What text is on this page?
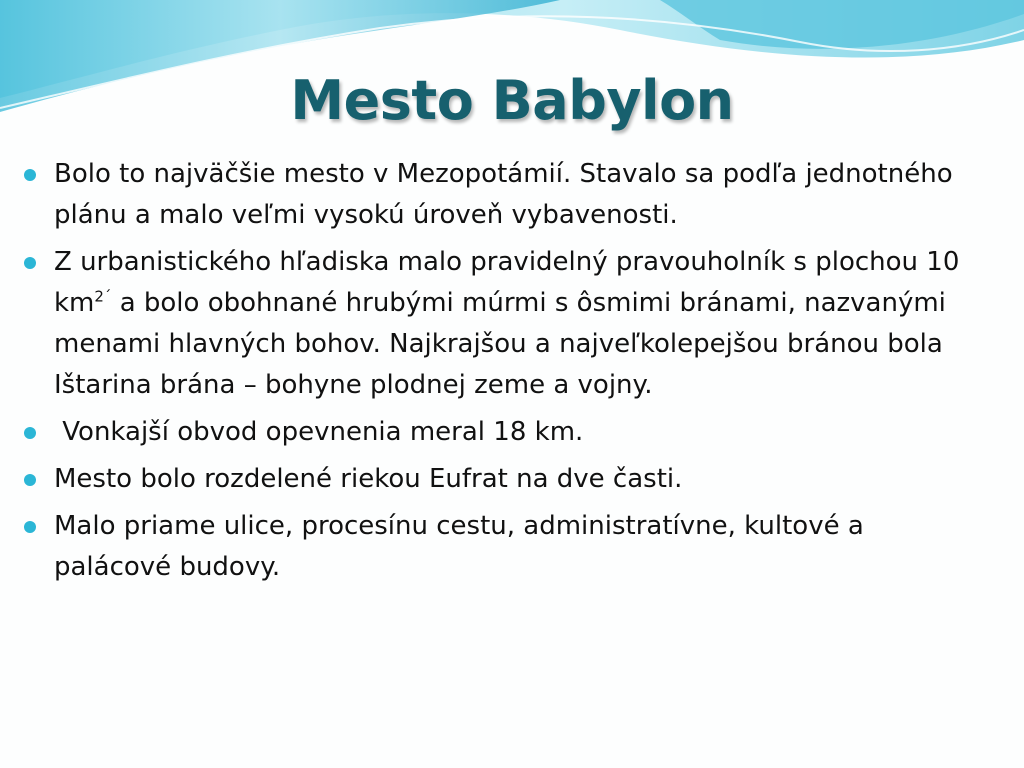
Mesto Babylon
Bolo to najväčšie mesto v Mezopotámií. Stavalo sa podľa jednotného plánu a malo veľmi vysokú úroveň vybavenosti.
Z urbanistického hľadiska malo pravidelný pravouholník s plochou 10 $km^{2´}$ a bolo obohnané hrubými múrmi s ôsmimi bránami, nazvanými menami hlavných bohov. Najkrajšou a najveľkolepejšou bránou bola Ištarina brána – bohyne plodnej zeme a vojny.
Vonkajší obvod opevnenia meral 18 km.
Mesto bolo rozdelené riekou Eufrat na dve časti.
Malo priame ulice, procesínu cestu, administratívne, kultové a palácové budovy.
